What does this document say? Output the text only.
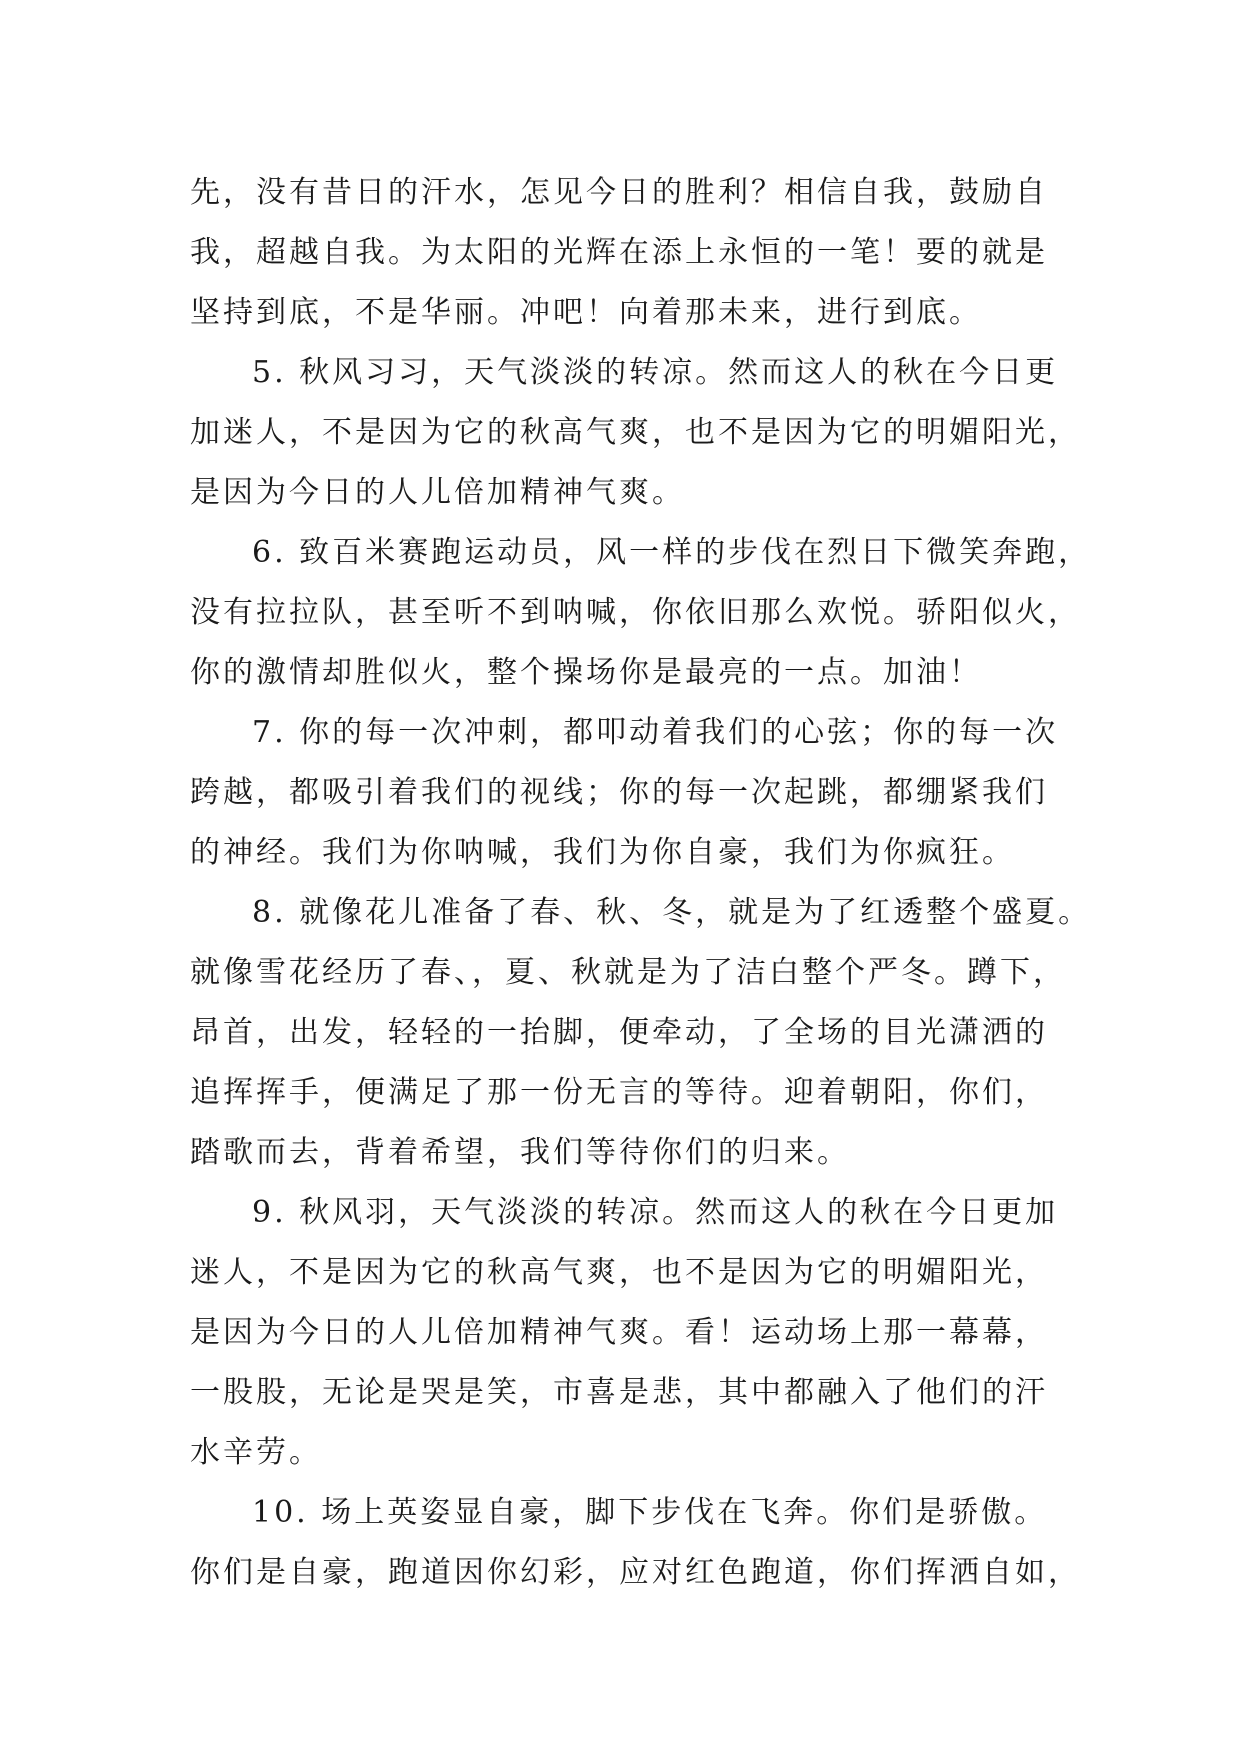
先，没有昔日的汗水，怎见今日的胜利？相信自我，鼓励自
我，超越自我。为太阳的光辉在添上永恒的一笔！要的就是
坚持到底，不是华丽。冲吧！向着那未来，进行到底。
5. 秋风习习，天气淡淡的转凉。然而这人的秋在今日更
加迷人，不是因为它的秋高气爽，也不是因为它的明媚阳光，
是因为今日的人儿倍加精神气爽。
6. 致百米赛跑运动员，风一样的步伐在烈日下微笑奔跑，
没有拉拉队，甚至听不到呐喊，你依旧那么欢悦。骄阳似火，
你的激情却胜似火，整个操场你是最亮的一点。加油！
7. 你的每一次冲刺，都叩动着我们的心弦；你的每一次
跨越，都吸引着我们的视线；你的每一次起跳，都绷紧我们
的神经。我们为你呐喊，我们为你自豪，我们为你疯狂。
8. 就像花儿准备了春、秋、冬，就是为了红透整个盛夏。
就像雪花经历了春、，夏、秋就是为了洁白整个严冬。蹲下，
昂首，出发，轻轻的一抬脚，便牵动，了全场的目光潇洒的
追挥挥手，便满足了那一份无言的等待。迎着朝阳，你们，
踏歌而去，背着希望，我们等待你们的归来。
9. 秋风羽，天气淡淡的转凉。然而这人的秋在今日更加
迷人，不是因为它的秋高气爽，也不是因为它的明媚阳光，
是因为今日的人儿倍加精神气爽。看！运动场上那一幕幕，
一股股，无论是哭是笑，市喜是悲，其中都融入了他们的汗
水辛劳。
10. 场上英姿显自豪，脚下步伐在飞奔。你们是骄傲。
你们是自豪，跑道因你幻彩，应对红色跑道，你们挥洒自如，
